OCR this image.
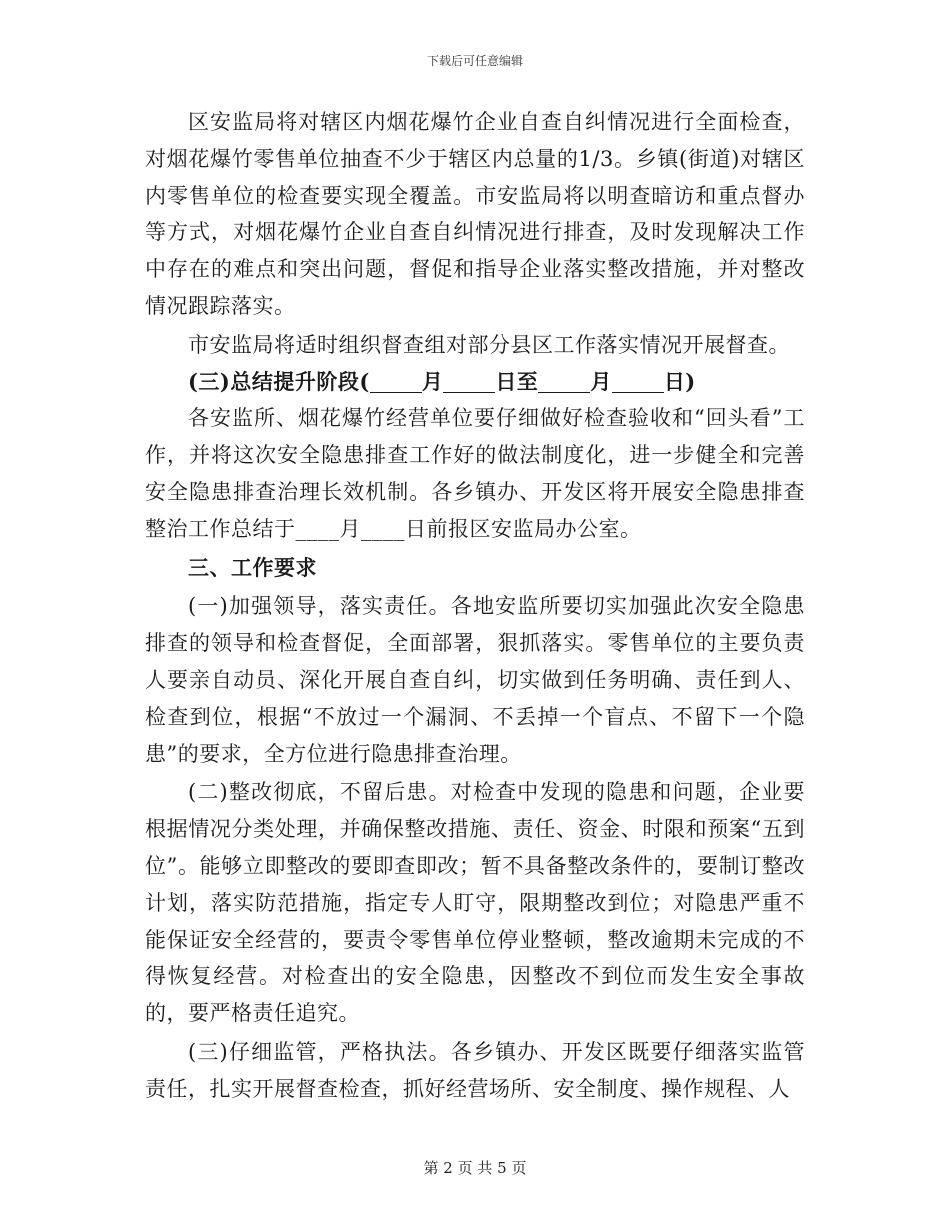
下载后可任意编辑

区安监局将对辖区内烟花爆竹企业自查自纠情况进行全面检查，对烟花爆竹零售单位抽查不少于辖区内总量的1/3。乡镇(街道)对辖区内零售单位的检查要实现全覆盖。市安监局将以明查暗访和重点督办等方式，对烟花爆竹企业自查自纠情况进行排查，及时发现解决工作中存在的难点和突出问题，督促和指导企业落实整改措施，并对整改情况跟踪落实。

市安监局将适时组织督查组对部分县区工作落实情况开展督查。

(三)总结提升阶段( 月 日至 月 日)

各安监所、烟花爆竹经营单位要仔细做好检查验收和“回头看”工作，并将这次安全隐患排查工作好的做法制度化，进一步健全和完善安全隐患排查治理长效机制。各乡镇办、开发区将开展安全隐患排查整治工作总结于____月____日前报区安监局办公室。

三、工作要求

(一)加强领导，落实责任。各地安监所要切实加强此次安全隐患排查的领导和检查督促，全面部署，狠抓落实。零售单位的主要负责人要亲自动员、深化开展自查自纠，切实做到任务明确、责任到人、检查到位，根据“不放过一个漏洞、不丢掉一个盲点、不留下一个隐患”的要求，全方位进行隐患排查治理。

(二)整改彻底，不留后患。对检查中发现的隐患和问题，企业要根据情况分类处理，并确保整改措施、责任、资金、时限和预案“五到位”。能够立即整改的要即查即改；暂不具备整改条件的，要制订整改计划，落实防范措施，指定专人盯守，限期整改到位；对隐患严重不能保证安全经营的，要责令零售单位停业整顿，整改逾期未完成的不得恢复经营。对检查出的安全隐患，因整改不到位而发生安全事故的，要严格责任追究。

(三)仔细监管，严格执法。各乡镇办、开发区既要仔细落实监管责任，扎实开展督查检查，抓好经营场所、安全制度、操作规程、人

第 2 页 共 5 页
